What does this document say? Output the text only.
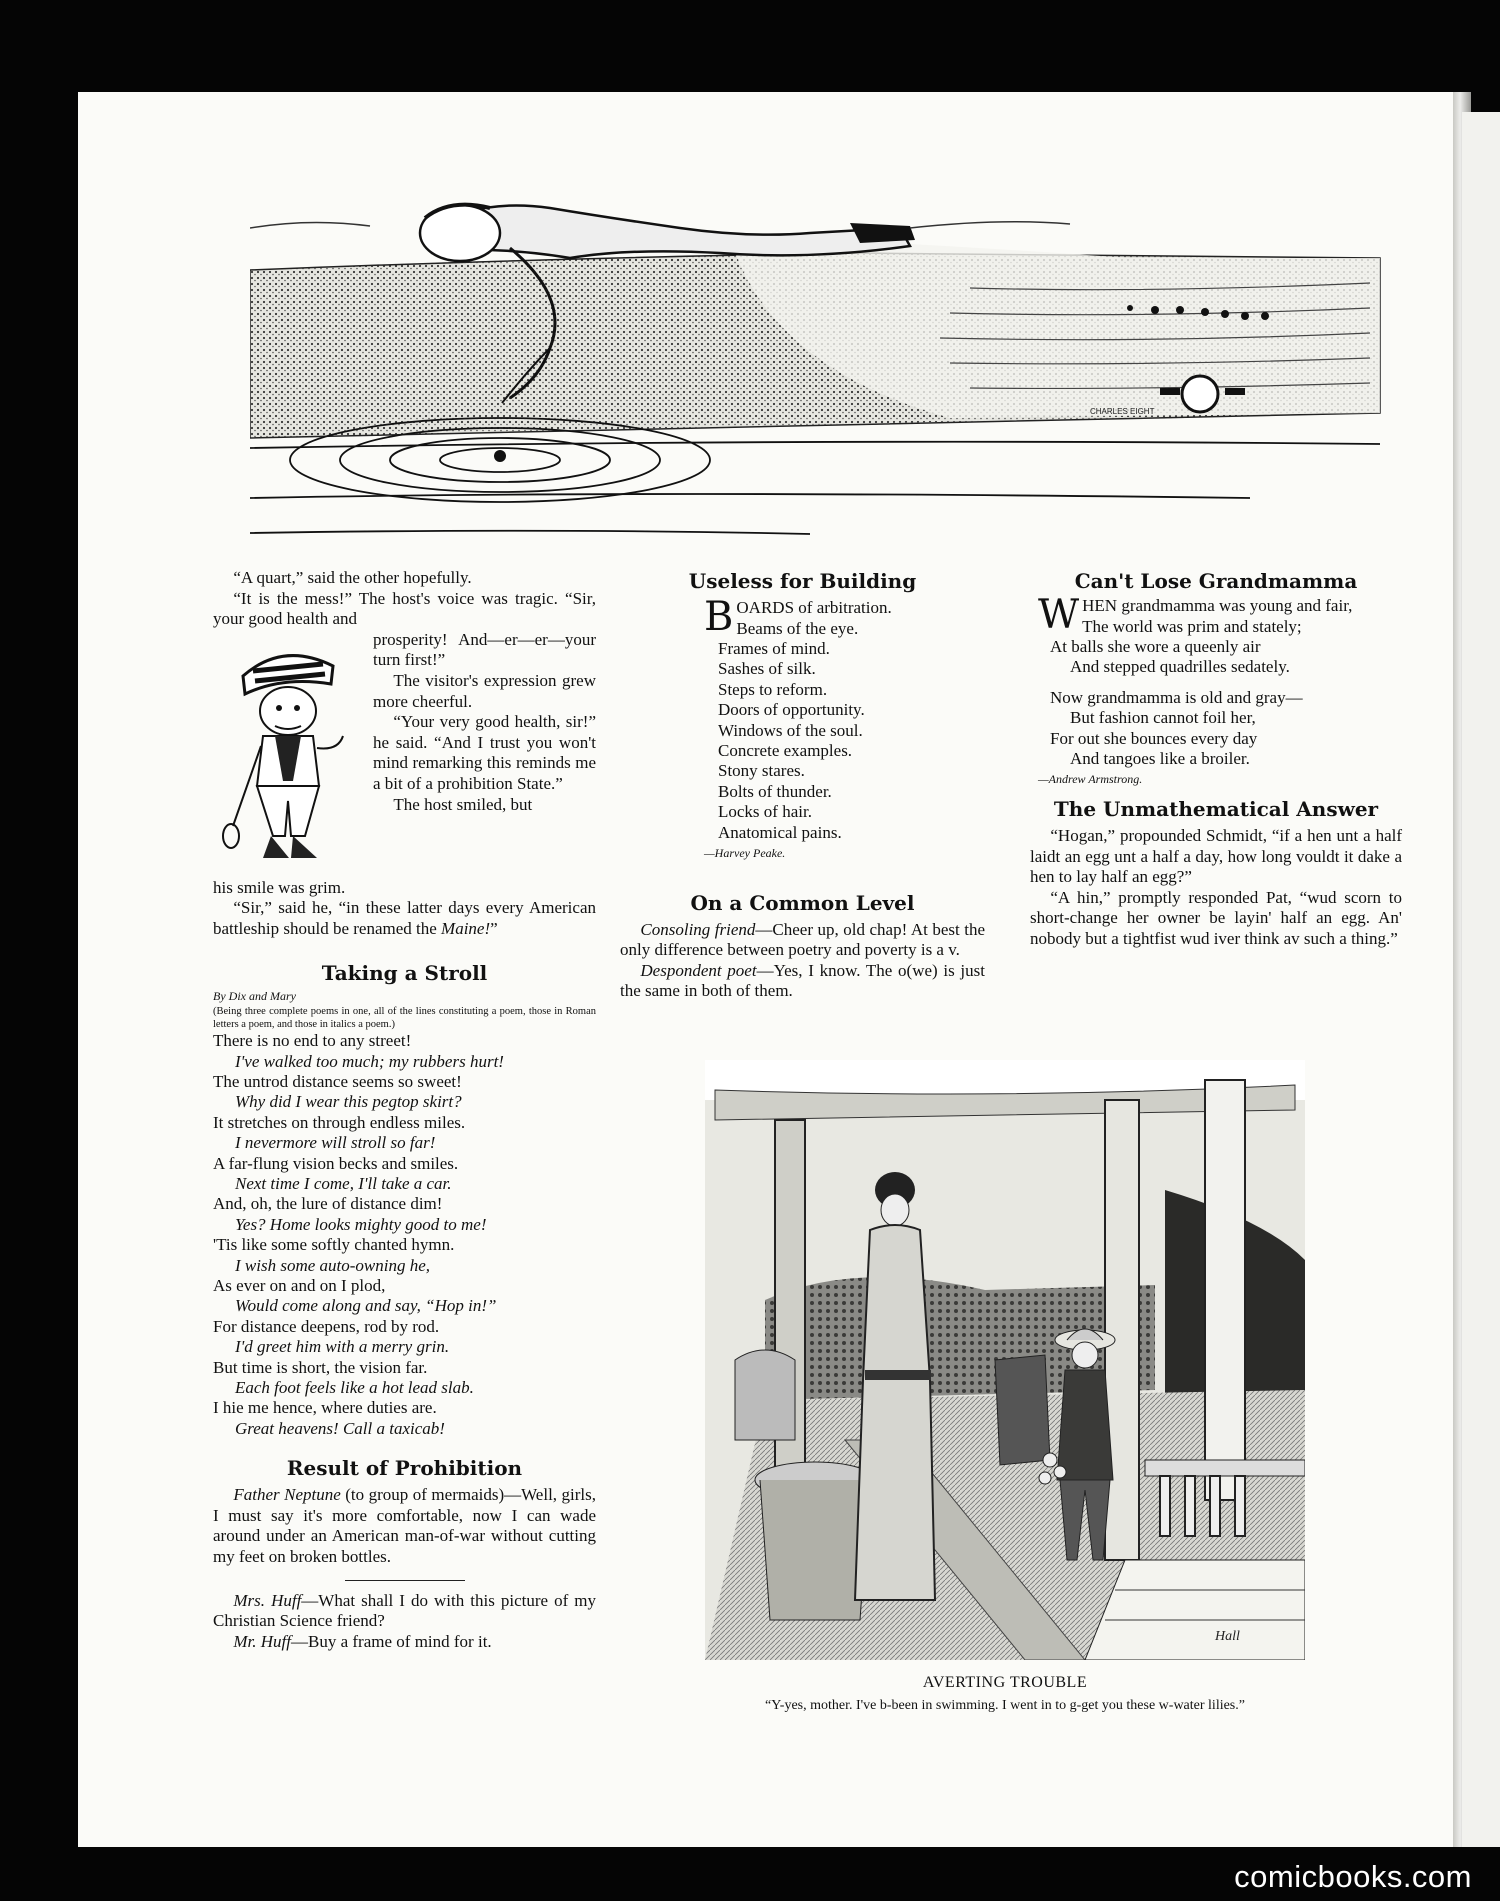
CHARLES EIGHT

“A quart,” said the other hopefully.

“It is the mess!” The host's voice was tragic. “Sir, your good health and

prosperity! And—er—er—your turn first!”

The visitor's expression grew more cheerful.

“Your very good health, sir!” he said. “And I trust you won't mind remarking this reminds me a bit of a prohibition State.”

The host smiled, but

his smile was grim.

“Sir,” said he, “in these latter days every American battleship should be renamed the Maine!”

Taking a Stroll

By Dix and Mary

(Being three complete poems in one, all of the lines constituting a poem, those in Roman letters a poem, and those in italics a poem.)

There is no end to any street!
I've walked too much; my rubbers hurt!
The untrod distance seems so sweet!
Why did I wear this pegtop skirt?
It stretches on through endless miles.
I nevermore will stroll so far!
A far-flung vision becks and smiles.
Next time I come, I'll take a car.
And, oh, the lure of distance dim!
Yes? Home looks mighty good to me!
'Tis like some softly chanted hymn.
I wish some auto-owning he,
As ever on and on I plod,
Would come along and say, “Hop in!”
For distance deepens, rod by rod.
I'd greet him with a merry grin.
But time is short, the vision far.
Each foot feels like a hot lead slab.
I hie me hence, where duties are.
Great heavens! Call a taxicab!
Result of Prohibition

Father Neptune (to group of mermaids)—Well, girls, I must say it's more comfortable, now I can wade around under an American man-of-war without cutting my feet on broken bottles.

Mrs. Huff—What shall I do with this picture of my Christian Science friend?

Mr. Huff—Buy a frame of mind for it.

Useless for Building
BOARDS of arbitration.
Beams of the eye.
Frames of mind.
Sashes of silk.
Steps to reform.
Doors of opportunity.
Windows of the soul.
Concrete examples.
Stony stares.
Bolts of thunder.
Locks of hair.
Anatomical pains.

—Harvey Peake.

On a Common Level

Consoling friend—Cheer up, old chap! At best the only difference between poetry and poverty is a v.

Despondent poet—Yes, I know. The o(we) is just the same in both of them.

Can't Lose Grandmamma
WHEN grandmamma was young and fair,
The world was prim and stately;
At balls she wore a queenly air
And stepped quadrilles sedately.
Now grandmamma is old and gray—
But fashion cannot foil her,
For out she bounces every day
And tangoes like a broiler.

—Andrew Armstrong.

The Unmathematical Answer

“Hogan,” propounded Schmidt, “if a hen unt a half laidt an egg unt a half a day, how long vouldt it dake a hen to lay half an egg?”

“A hin,” promptly responded Pat, “wud scorn to short-change her owner be layin' half an egg. An' nobody but a tightfist wud iver think av such a thing.”

Hall
AVERTING TROUBLE
“Y-yes, mother. I've b-been in swimming. I went in to g-get you these w-water lilies.”
comicbooks.com
